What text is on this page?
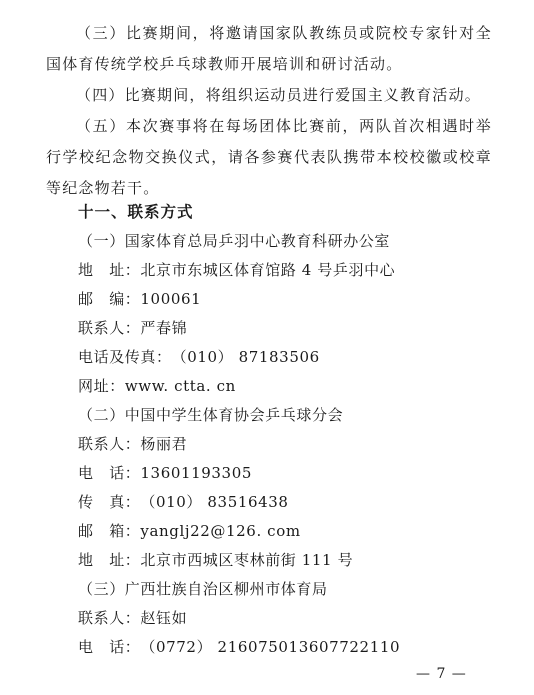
（三）比赛期间，将邀请国家队教练员或院校专家针对全国体育传统学校乒乓球教师开展培训和研讨活动。

（四）比赛期间，将组织运动员进行爱国主义教育活动。

（五）本次赛事将在每场团体比赛前，两队首次相遇时举行学校纪念物交换仪式，请各参赛代表队携带本校校徽或校章等纪念物若干。

十一、联系方式
（一）国家体育总局乒羽中心教育科研办公室
地　址：北京市东城区体育馆路 4 号乒羽中心
邮　编：100061
联系人：严春锦
电话及传真：（010） 87183506
网址：www. ctta. cn
（二）中国中学生体育协会乒乓球分会
联系人：杨丽君
电　话：13601193305
传　真：（010） 83516438
邮　箱：yanglj22@126. com
地　址：北京市西城区枣林前街 111 号
（三）广西壮族自治区柳州市体育局
联系人：赵钰如
电　话：（0772） 216075013607722110
— 7 —
